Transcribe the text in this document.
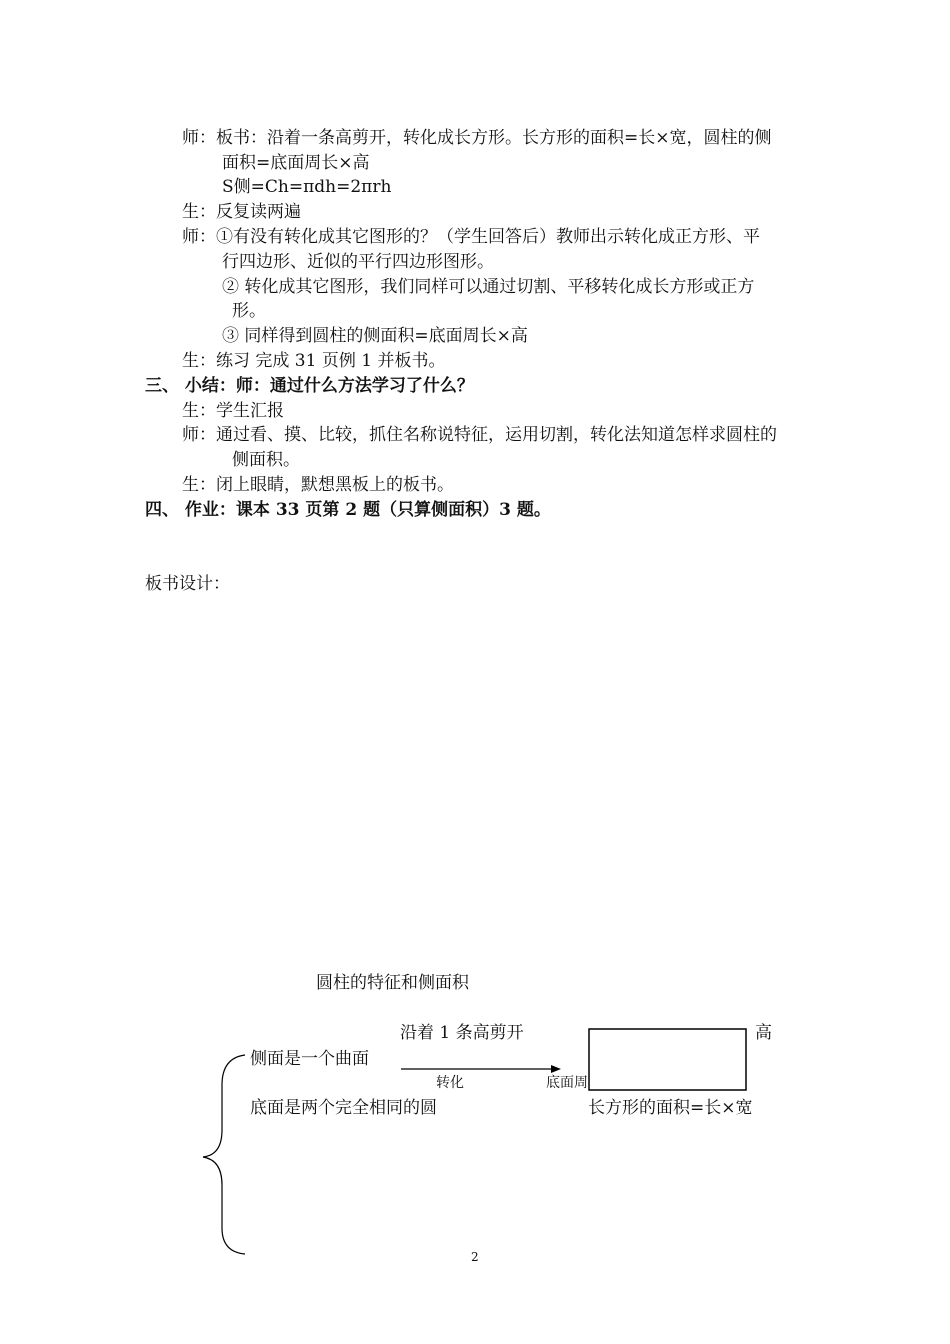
师：板书：沿着一条高剪开，转化成长方形。长方形的面积=长×宽，圆柱的侧
面积=底面周长×高
S侧=Ch=πdh=2πrh
生：反复读两遍
师：①有没有转化成其它图形的？（学生回答后）教师出示转化成正方形、平
行四边形、近似的平行四边形图形。
② 转化成其它图形，我们同样可以通过切割、平移转化成长方形或正方
形。
③ 同样得到圆柱的侧面积=底面周长×高
生：练习 完成 31 页例 1 并板书。
三、 小结：师：通过什么方法学习了什么？
生：学生汇报
师：通过看、摸、比较，抓住名称说特征，运用切割，转化法知道怎样求圆柱的
侧面积。
生：闭上眼睛，默想黑板上的板书。
四、 作业：课本 33 页第 2 题（只算侧面积）3 题。
板书设计：
圆柱的特征和侧面积
侧面是一个曲面
底面是两个完全相同的圆
沿着 1 条高剪开
转化	底面周
高
长方形的面积=长×宽
2
